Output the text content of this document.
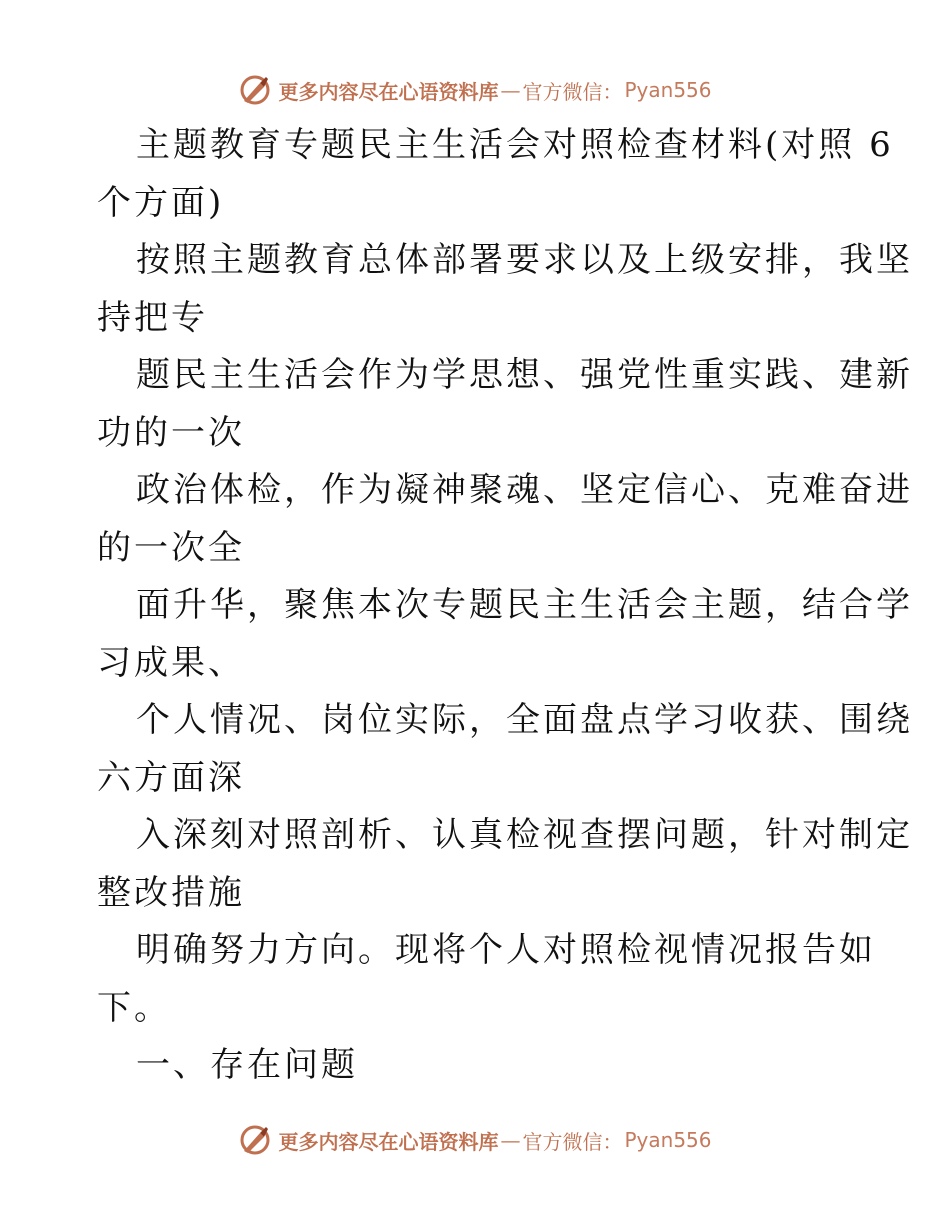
更多内容尽在心语资料库 — 官方微信： Pyan556

主题教育专题民主生活会对照检查材料(对照 6
个方面)

按照主题教育总体部署要求以及上级安排，我坚
持把专

题民主生活会作为学思想、强党性重实践、建新
功的一次

政治体检，作为凝神聚魂、坚定信心、克难奋进
的一次全

面升华，聚焦本次专题民主生活会主题，结合学
习成果、

个人情况、岗位实际，全面盘点学习收获、围绕
六方面深

入深刻对照剖析、认真检视查摆问题，针对制定
整改措施

明确努力方向。现将个人对照检视情况报告如
下。

一、存在问题

更多内容尽在心语资料库 — 官方微信： Pyan556
